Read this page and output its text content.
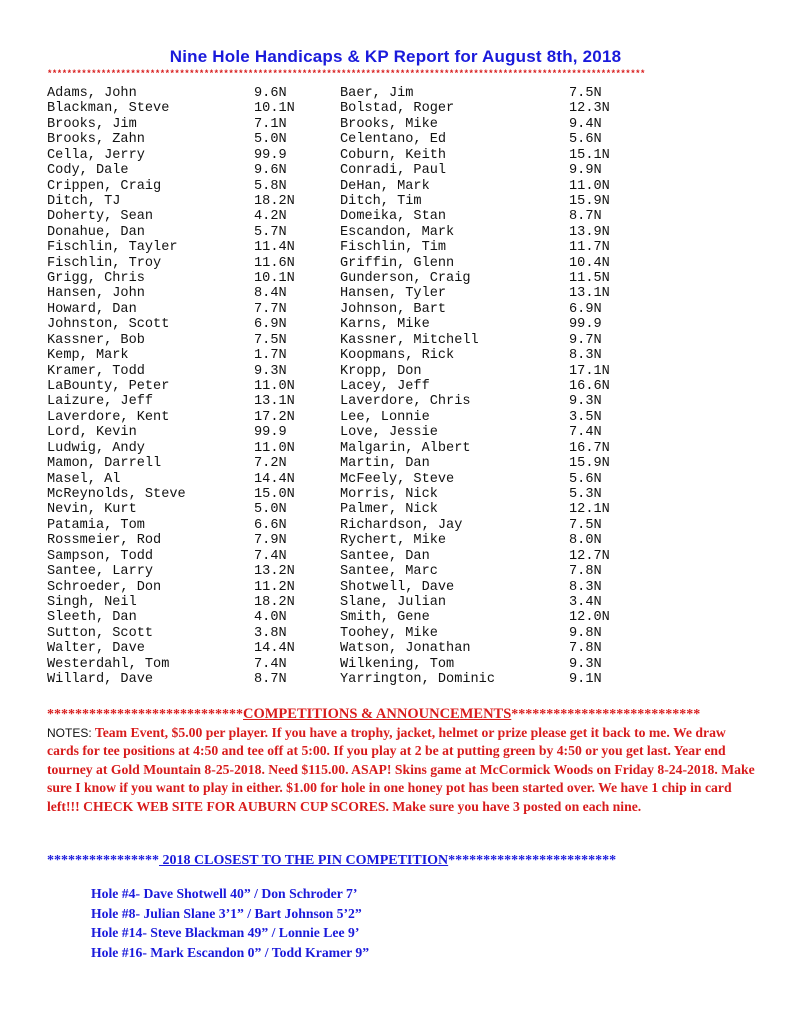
Nine Hole Handicaps & KP Report for August 8th, 2018
**************************************************************************************************************************
Adams, John	9.6N	Baer, Jim	7.5N
Blackman, Steve	10.1N	Bolstad, Roger	12.3N
Brooks, Jim	7.1N	Brooks, Mike	9.4N
Brooks, Zahn	5.0N	Celentano, Ed	5.6N
Cella, Jerry	99.9	Coburn, Keith	15.1N
Cody, Dale	9.6N	Conradi, Paul	9.9N
Crippen, Craig	5.8N	DeHan, Mark	11.0N
Ditch, TJ	18.2N	Ditch, Tim	15.9N
Doherty, Sean	4.2N	Domeika, Stan	8.7N
Donahue, Dan	5.7N	Escandon, Mark	13.9N
Fischlin, Tayler	11.4N	Fischlin, Tim	11.7N
Fischlin, Troy	11.6N	Griffin, Glenn	10.4N
Grigg, Chris	10.1N	Gunderson, Craig	11.5N
Hansen, John	8.4N	Hansen, Tyler	13.1N
Howard, Dan	7.7N	Johnson, Bart	6.9N
Johnston, Scott	6.9N	Karns, Mike	99.9
Kassner, Bob	7.5N	Kassner, Mitchell	9.7N
Kemp, Mark	1.7N	Koopmans, Rick	8.3N
Kramer, Todd	9.3N	Kropp, Don	17.1N
LaBounty, Peter	11.0N	Lacey, Jeff	16.6N
Laizure, Jeff	13.1N	Laverdore, Chris	9.3N
Laverdore, Kent	17.2N	Lee, Lonnie	3.5N
Lord, Kevin	99.9	Love, Jessie	7.4N
Ludwig, Andy	11.0N	Malgarin, Albert	16.7N
Mamon, Darrell	7.2N	Martin, Dan	15.9N
Masel, Al	14.4N	McFeely, Steve	5.6N
McReynolds, Steve	15.0N	Morris, Nick	5.3N
Nevin, Kurt	5.0N	Palmer, Nick	12.1N
Patamia, Tom	6.6N	Richardson, Jay	7.5N
Rossmeier, Rod	7.9N	Rychert, Mike	8.0N
Sampson, Todd	7.4N	Santee, Dan	12.7N
Santee, Larry	13.2N	Santee, Marc	7.8N
Schroeder, Don	11.2N	Shotwell, Dave	8.3N
Singh, Neil	18.2N	Slane, Julian	3.4N
Sleeth, Dan	4.0N	Smith, Gene	12.0N
Sutton, Scott	3.8N	Toohey, Mike	9.8N
Walter, Dave	14.4N	Watson, Jonathan	7.8N
Westerdahl, Tom	7.4N	Wilkening, Tom	9.3N
Willard, Dave	8.7N	Yarrington, Dominic	9.1N
****************************COMPETITIONS & ANNOUNCEMENTS***************************
NOTES: Team Event, $5.00 per player. If you have a trophy, jacket, helmet or prize please get it back to me. We draw cards for tee positions at 4:50 and tee off at 5:00. If you play at 2 be at putting green by 4:50 or you get last. Year end tourney at Gold Mountain 8-25-2018. Need $115.00. ASAP! Skins game at McCormick Woods on Friday 8-24-2018. Make sure I know if you want to play in either. $1.00 for hole in one honey pot has been started over. We have 1 chip in card left!!! CHECK WEB SITE FOR AUBURN CUP SCORES. Make sure you have 3 posted on each nine.
**************** 2018 CLOSEST TO THE PIN COMPETITION************************
Hole #4- Dave Shotwell 40” / Don Schroder 7’
Hole #8- Julian Slane 3’1” / Bart Johnson 5’2”
Hole #14- Steve Blackman 49” / Lonnie Lee 9’
Hole #16- Mark Escandon 0” / Todd Kramer 9”
